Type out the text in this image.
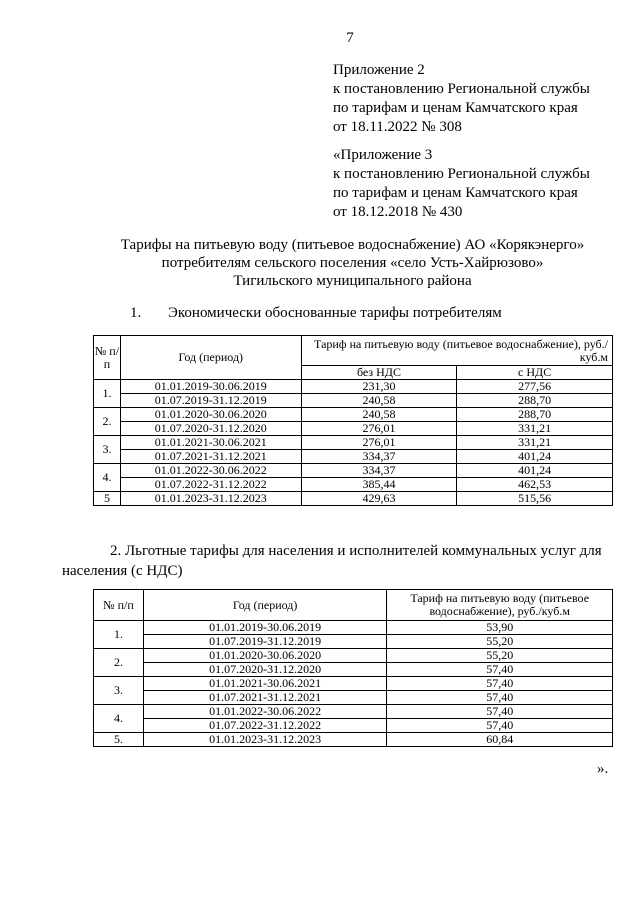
7
Приложение 2
к постановлению Региональной службы
по тарифам и ценам Камчатского края
от 18.11.2022 № 308
«Приложение 3
к постановлению Региональной службы
по тарифам и ценам Камчатского края
от 18.12.2018 № 430
Тарифы на питьевую воду (питьевое водоснабжение) АО «Корякэнерго»
потребителям сельского поселения «село Усть-Хайрюзово»
Тигильского муниципального района
1. Экономически обоснованные тарифы потребителям
№ п/п	Год (период)	Тариф на питьевую воду (питьевое водоснабжение), руб./куб.м	
		без НДС	с НДС
1.	01.01.2019-30.06.2019	231,30	277,56
	01.07.2019-31.12.2019	240,58	288,70
2.	01.01.2020-30.06.2020	240,58	288,70
	01.07.2020-31.12.2020	276,01	331,21
3.	01.01.2021-30.06.2021	276,01	331,21
	01.07.2021-31.12.2021	334,37	401,24
4.	01.01.2022-30.06.2022	334,37	401,24
	01.07.2022-31.12.2022	385,44	462,53
5	01.01.2023-31.12.2023	429,63	515,56
2. Льготные тарифы для населения и исполнителей коммунальных услуг для
населения (с НДС)
№ п/п	Год (период)	Тариф на питьевую воду (питьевое водоснабжение), руб./куб.м
1.	01.01.2019-30.06.2019	53,90
	01.07.2019-31.12.2019	55,20
2.	01.01.2020-30.06.2020	55,20
	01.07.2020-31.12.2020	57,40
3.	01.01.2021-30.06.2021	57,40
	01.07.2021-31.12.2021	57,40
4.	01.01.2022-30.06.2022	57,40
	01.07.2022-31.12.2022	57,40
5.	01.01.2023-31.12.2023	60,84
».
